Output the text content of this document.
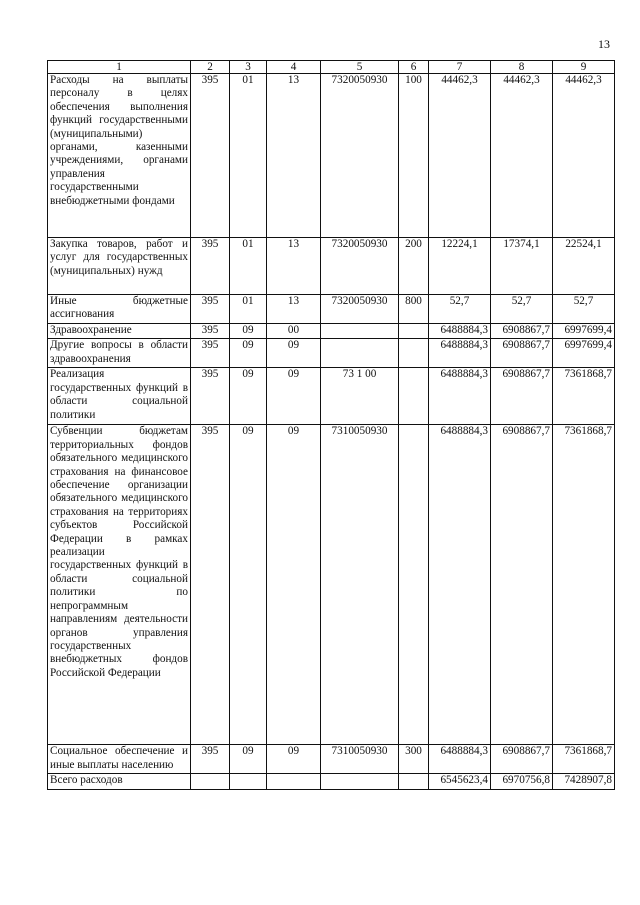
13
1	2	3	4	5	6	7	8	9
Расходы на выплаты персоналу в целях обеспечения выполнения функций государственными (муниципальными) органами, казенными учреждениями, органами управления государственными внебюджетными фондами	395	01	13	7320050930	100	44462,3	44462,3	44462,3
Закупка товаров, работ и услуг для государственных (муниципальных) нужд	395	01	13	7320050930	200	12224,1	17374,1	22524,1
Иные бюджетные ассигнования	395	01	13	7320050930	800	52,7	52,7	52,7
Здравоохранение	395	09	00			6488884,3	6908867,7	6997699,4
Другие вопросы в области здравоохранения	395	09	09			6488884,3	6908867,7	6997699,4
Реализация государственных функций в области социальной политики	395	09	09	73 1 00		6488884,3	6908867,7	7361868,7
Субвенции бюджетам территориальных фондов обязательного медицинского страхования на финансовое обеспечение организации обязательного медицинского страхования на территориях субъектов Российской Федерации в рамках реализации государственных функций в области социальной политики по непрограммным направлениям деятельности органов управления государственных внебюджетных фондов Российской Федерации	395	09	09	7310050930		6488884,3	6908867,7	7361868,7
Социальное обеспечение и иные выплаты населению	395	09	09	7310050930	300	6488884,3	6908867,7	7361868,7
Всего расходов						6545623,4	6970756,8	7428907,8
